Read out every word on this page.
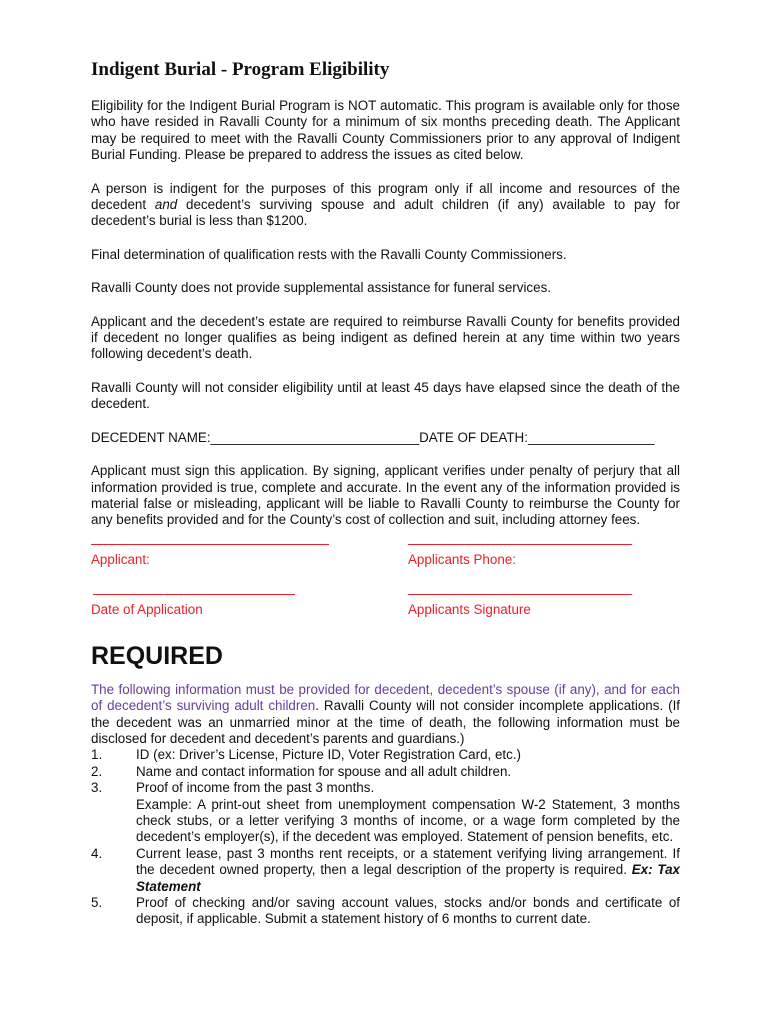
Indigent Burial - Program Eligibility

Eligibility for the Indigent Burial Program is NOT automatic. This program is available only for those who have resided in Ravalli County for a minimum of six months preceding death. The Applicant may be required to meet with the Ravalli County Commissioners prior to any approval of Indigent Burial Funding. Please be prepared to address the issues as cited below.

A person is indigent for the purposes of this program only if all income and resources of the decedent and decedent’s surviving spouse and adult children (if any) available to pay for decedent’s burial is less than $1200.

Final determination of qualification rests with the Ravalli County Commissioners.

Ravalli County does not provide supplemental assistance for funeral services.

Applicant and the decedent’s estate are required to reimburse Ravalli County for benefits provided if decedent no longer qualifies as being indigent as defined herein at any time within two years following decedent’s death.

Ravalli County will not consider eligibility until at least 45 days have elapsed since the death of the decedent.

DECEDENT NAME:____________________________DATE OF DEATH:_________________

Applicant must sign this application. By signing, applicant verifies under penalty of perjury that all information provided is true, complete and accurate. In the event any of the information provided is material false or misleading, applicant will be liable to Ravalli County to reimburse the County for any benefits provided and for the County’s cost of collection and suit, including attorney fees.

Applicant:	Applicants Phone:
Date of Application	Applicants Signature
REQUIRED

The following information must be provided for decedent, decedent’s spouse (if any), and for each of decedent’s surviving adult children. Ravalli County will not consider incomplete applications. (If the decedent was an unmarried minor at the time of death, the following information must be disclosed for decedent and decedent’s parents and guardians.)

1.	ID (ex: Driver’s License, Picture ID, Voter Registration Card, etc.)
2.	Name and contact information for spouse and all adult children.
3.	Proof of income from the past 3 months.
Example: A print-out sheet from unemployment compensation W-2 Statement, 3 months check stubs, or a letter verifying 3 months of income, or a wage form completed by the decedent’s employer(s), if the decedent was employed. Statement of pension benefits, etc.
4.	Current lease, past 3 months rent receipts, or a statement verifying living arrangement. If the decedent owned property, then a legal description of the property is required. Ex: Tax Statement
5.	Proof of checking and/or saving account values, stocks and/or bonds and certificate of deposit, if applicable. Submit a statement history of 6 months to current date.
